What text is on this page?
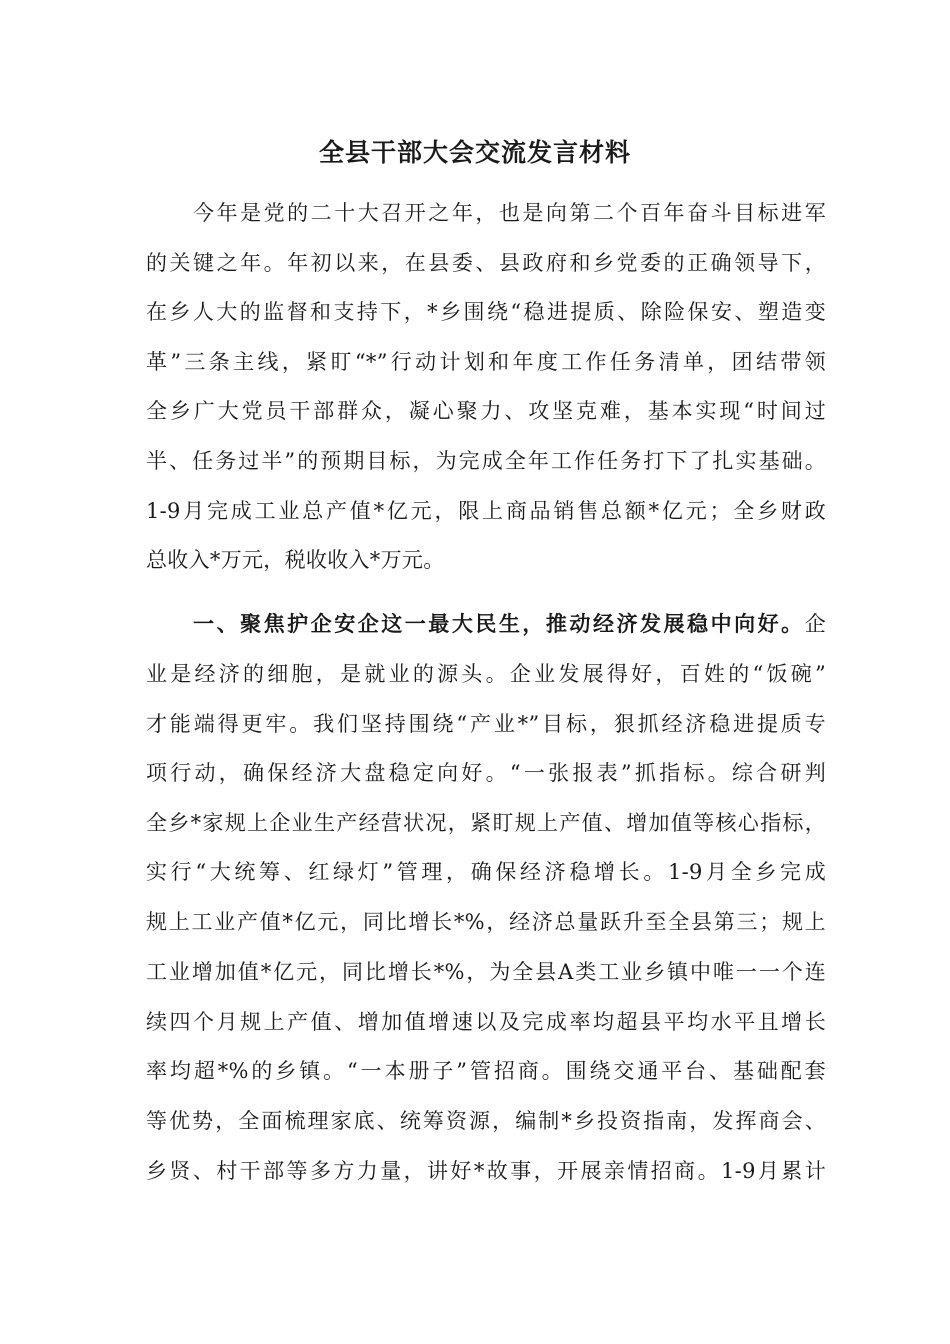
全县干部大会交流发言材料
　　今年是党的二十大召开之年，也是向第二个百年奋斗目标进军
的关键之年。年初以来，在县委、县政府和乡党委的正确领导下，
在乡人大的监督和支持下，*乡围绕“稳进提质、除险保安、塑造变
革”三条主线，紧盯“*”行动计划和年度工作任务清单，团结带领
全乡广大党员干部群众，凝心聚力、攻坚克难，基本实现“时间过
半、任务过半”的预期目标，为完成全年工作任务打下了扎实基础。
1-9月完成工业总产值*亿元，限上商品销售总额*亿元；全乡财政
总收入*万元，税收收入*万元。
　　一、聚焦护企安企这一最大民生，推动经济发展稳中向好。企
业是经济的细胞，是就业的源头。企业发展得好，百姓的“饭碗”
才能端得更牢。我们坚持围绕“产业*”目标，狠抓经济稳进提质专
项行动，确保经济大盘稳定向好。“一张报表”抓指标。综合研判
全乡*家规上企业生产经营状况，紧盯规上产值、增加值等核心指标，
实行“大统筹、红绿灯”管理，确保经济稳增长。1-9月全乡完成
规上工业产值*亿元，同比增长*%，经济总量跃升至全县第三；规上
工业增加值*亿元，同比增长*%，为全县A类工业乡镇中唯一一个连
续四个月规上产值、增加值增速以及完成率均超县平均水平且增长
率均超*%的乡镇。“一本册子”管招商。围绕交通平台、基础配套
等优势，全面梳理家底、统筹资源，编制*乡投资指南，发挥商会、
乡贤、村干部等多方力量，讲好*故事，开展亲情招商。1-9月累计
